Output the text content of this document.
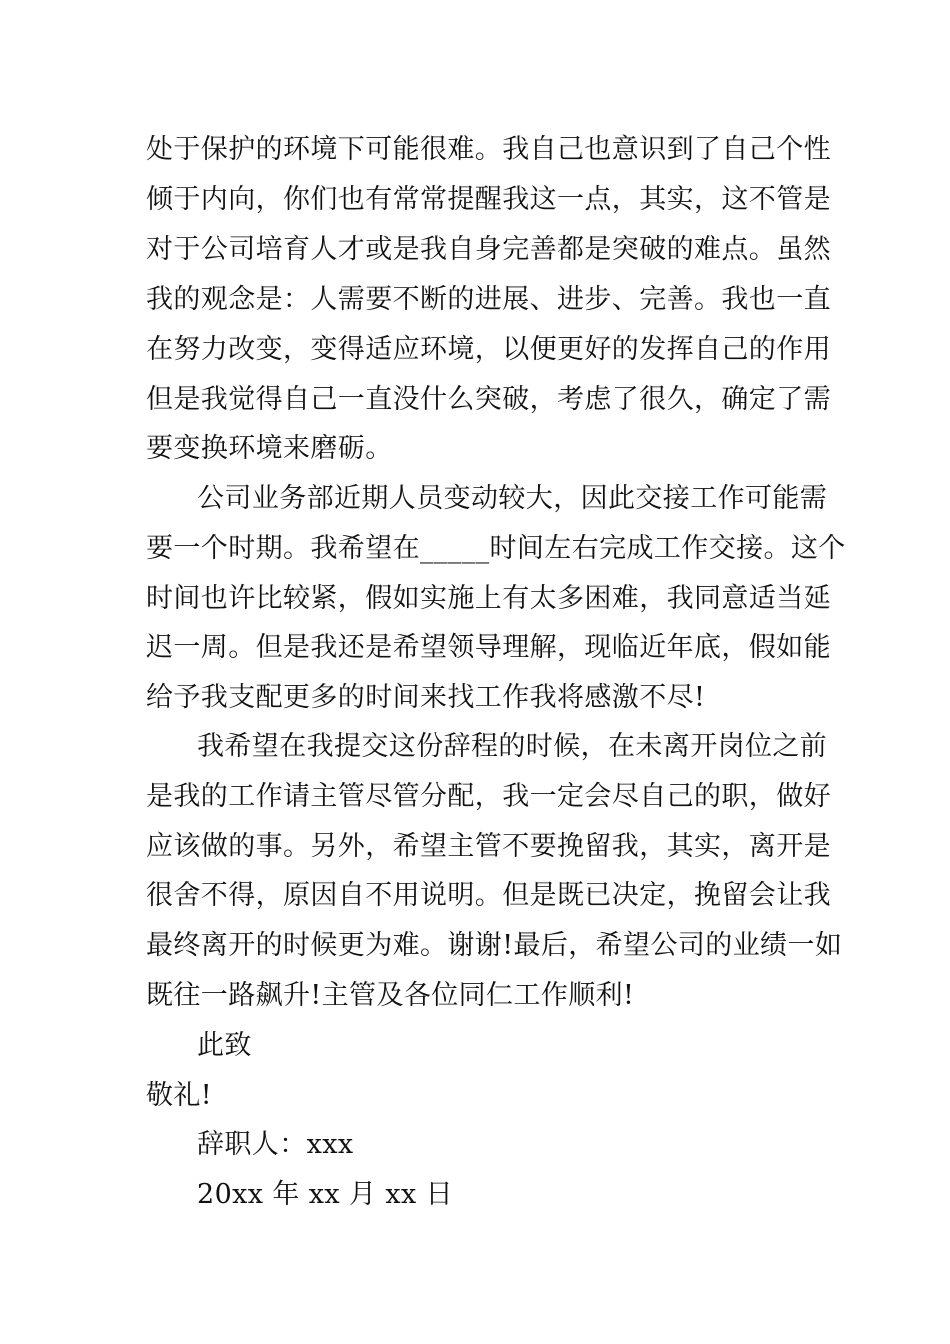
处于保护的环境下可能很难。我自己也意识到了自己个性
倾于内向，你们也有常常提醒我这一点，其实，这不管是
对于公司培育人才或是我自身完善都是突破的难点。虽然
我的观念是：人需要不断的进展、进步、完善。我也一直
在努力改变，变得适应环境，以便更好的发挥自己的作用
但是我觉得自己一直没什么突破，考虑了很久，确定了需
要变换环境来磨砺。
公司业务部近期人员变动较大，因此交接工作可能需
要一个时期。我希望在_____时间左右完成工作交接。这个
时间也许比较紧，假如实施上有太多困难，我同意适当延
迟一周。但是我还是希望领导理解，现临近年底，假如能
给予我支配更多的时间来找工作我将感激不尽!
我希望在我提交这份辞程的时候，在未离开岗位之前
是我的工作请主管尽管分配，我一定会尽自己的职，做好
应该做的事。另外，希望主管不要挽留我，其实，离开是
很舍不得，原因自不用说明。但是既已决定，挽留会让我
最终离开的时候更为难。谢谢!最后，希望公司的业绩一如
既往一路飙升!主管及各位同仁工作顺利!
此致
敬礼!
辞职人：xxx
20xx 年 xx 月 xx 日
